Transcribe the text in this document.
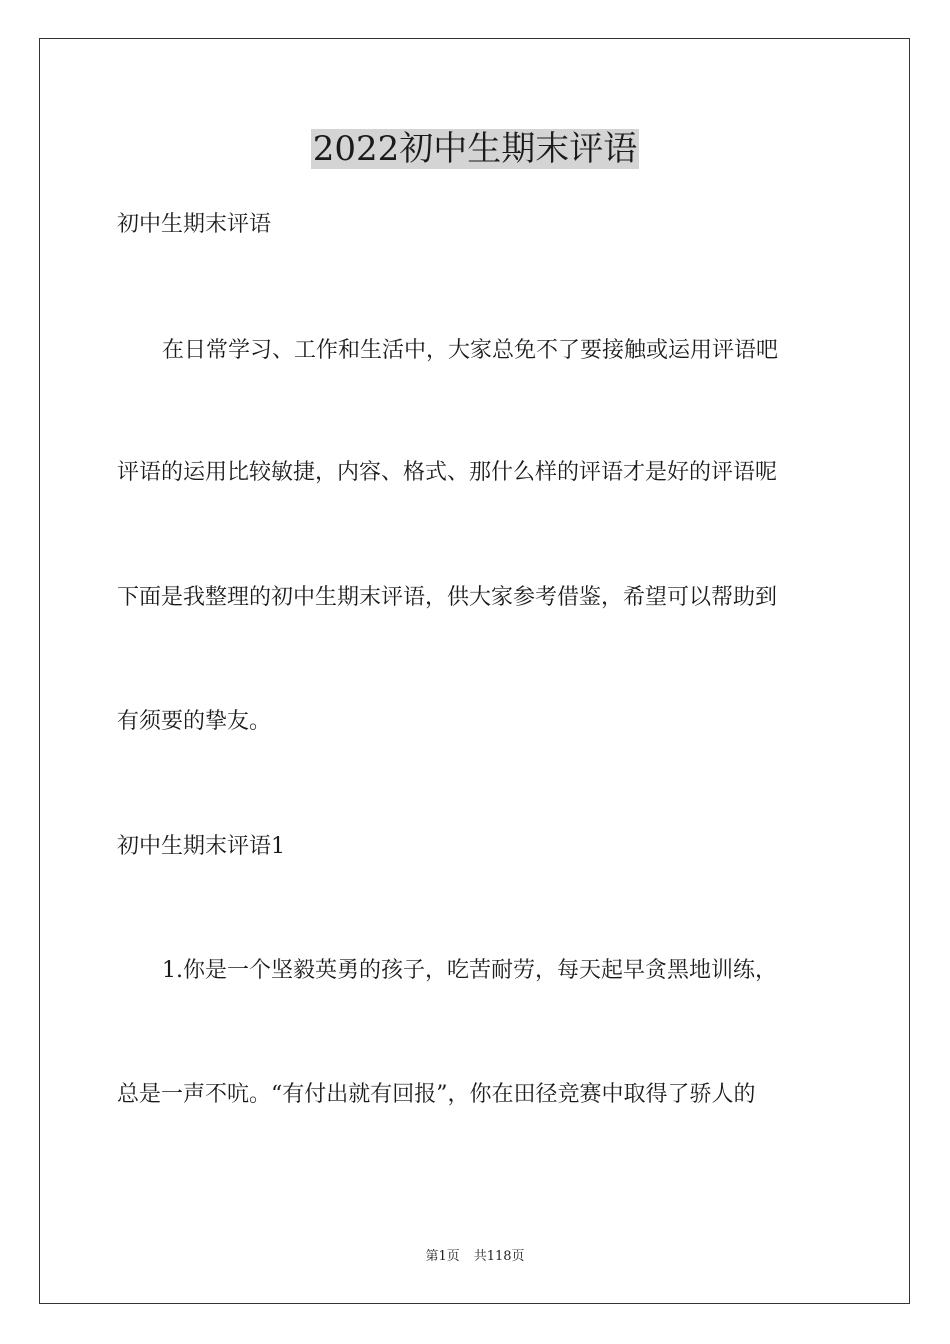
2022初中生期末评语

初中生期末评语

在日常学习、工作和生活中，大家总免不了要接触或运用评语吧

评语的运用比较敏捷，内容、格式、那什么样的评语才是好的评语呢

下面是我整理的初中生期末评语，供大家参考借鉴，希望可以帮助到

有须要的挚友。

初中生期末评语1

1.你是一个坚毅英勇的孩子，吃苦耐劳，每天起早贪黑地训练，

总是一声不吭。“有付出就有回报”，你在田径竞赛中取得了骄人的

第1页 共118页
